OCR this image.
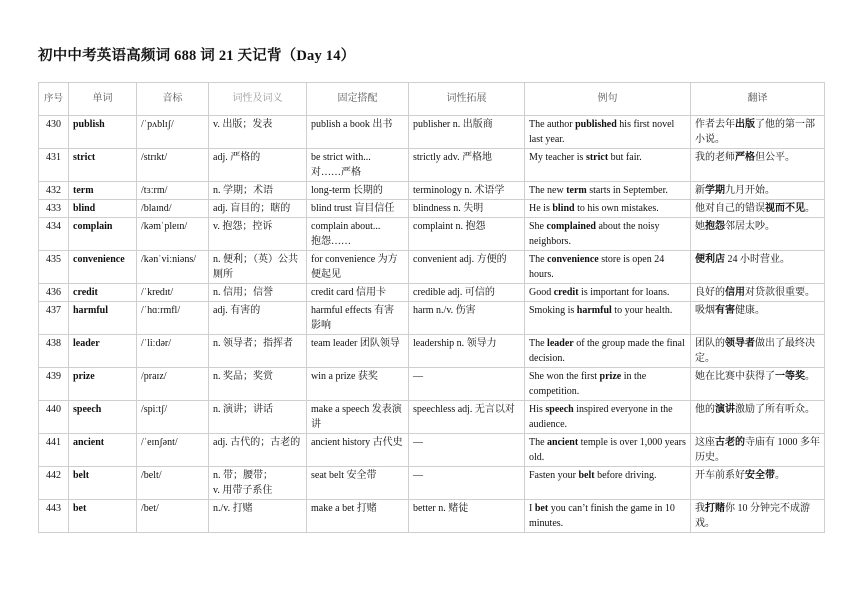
初中中考英语高频词 688 词 21 天记背（Day 14）
序号	单词	音标	词性及词义	固定搭配	词性拓展	例句	翻译
430	publish	/ˈpʌblɪʃ/	v. 出版；发表	publish a book 出书	publisher n. 出版商	The author published his first novel last year.	作者去年出版了他的第一部小说。
431	strict	/strɪkt/	adj. 严格的	be strict with...
对……严格	strictly adv. 严格地	My teacher is strict but fair.	我的老师严格但公平。
432	term	/tɜːrm/	n. 学期；术语	long-term 长期的	terminology n. 术语学	The new term starts in September.	新学期九月开始。
433	blind	/blaɪnd/	adj. 盲目的；瞎的	blind trust 盲目信任	blindness n. 失明	He is blind to his own mistakes.	他对自己的错误视而不见。
434	complain	/kəmˈpleɪn/	v. 抱怨；控诉	complain about...
抱怨……	complaint n. 抱怨	She complained about the noisy neighbors.	她抱怨邻居太吵。
435	convenience	/kənˈviːniəns/	n. 便利；（英）公共厕所	for convenience 为方便起见	convenient adj. 方便的	The convenience store is open 24 hours.	便利店 24 小时营业。
436	credit	/ˈkredɪt/	n. 信用；信誉	credit card 信用卡	credible adj. 可信的	Good credit is important for loans.	良好的信用对贷款很重要。
437	harmful	/ˈhɑːrmfl/	adj. 有害的	harmful effects 有害影响	harm n./v. 伤害	Smoking is harmful to your health.	吸烟有害健康。
438	leader	/ˈliːdər/	n. 领导者；指挥者	team leader 团队领导	leadership n. 领导力	The leader of the group made the final decision.	团队的领导者做出了最终决定。
439	prize	/praɪz/	n. 奖品；奖赏	win a prize 获奖	—	She won the first prize in the competition.	她在比赛中获得了一等奖。
440	speech	/spiːtʃ/	n. 演讲；讲话	make a speech 发表演讲	speechless adj. 无言以对	His speech inspired everyone in the audience.	他的演讲激励了所有听众。
441	ancient	/ˈeɪnʃənt/	adj. 古代的；古老的	ancient history 古代史	—	The ancient temple is over 1,000 years old.	这座古老的寺庙有 1000 多年历史。
442	belt	/belt/	n. 带；腰带；
v. 用带子系住	seat belt 安全带	—	Fasten your belt before driving.	开车前系好安全带。
443	bet	/bet/	n./v. 打赌	make a bet 打赌	better n. 赌徒	I bet you can’t finish the game in 10 minutes.	我打赌你 10 分钟完不成游戏。
